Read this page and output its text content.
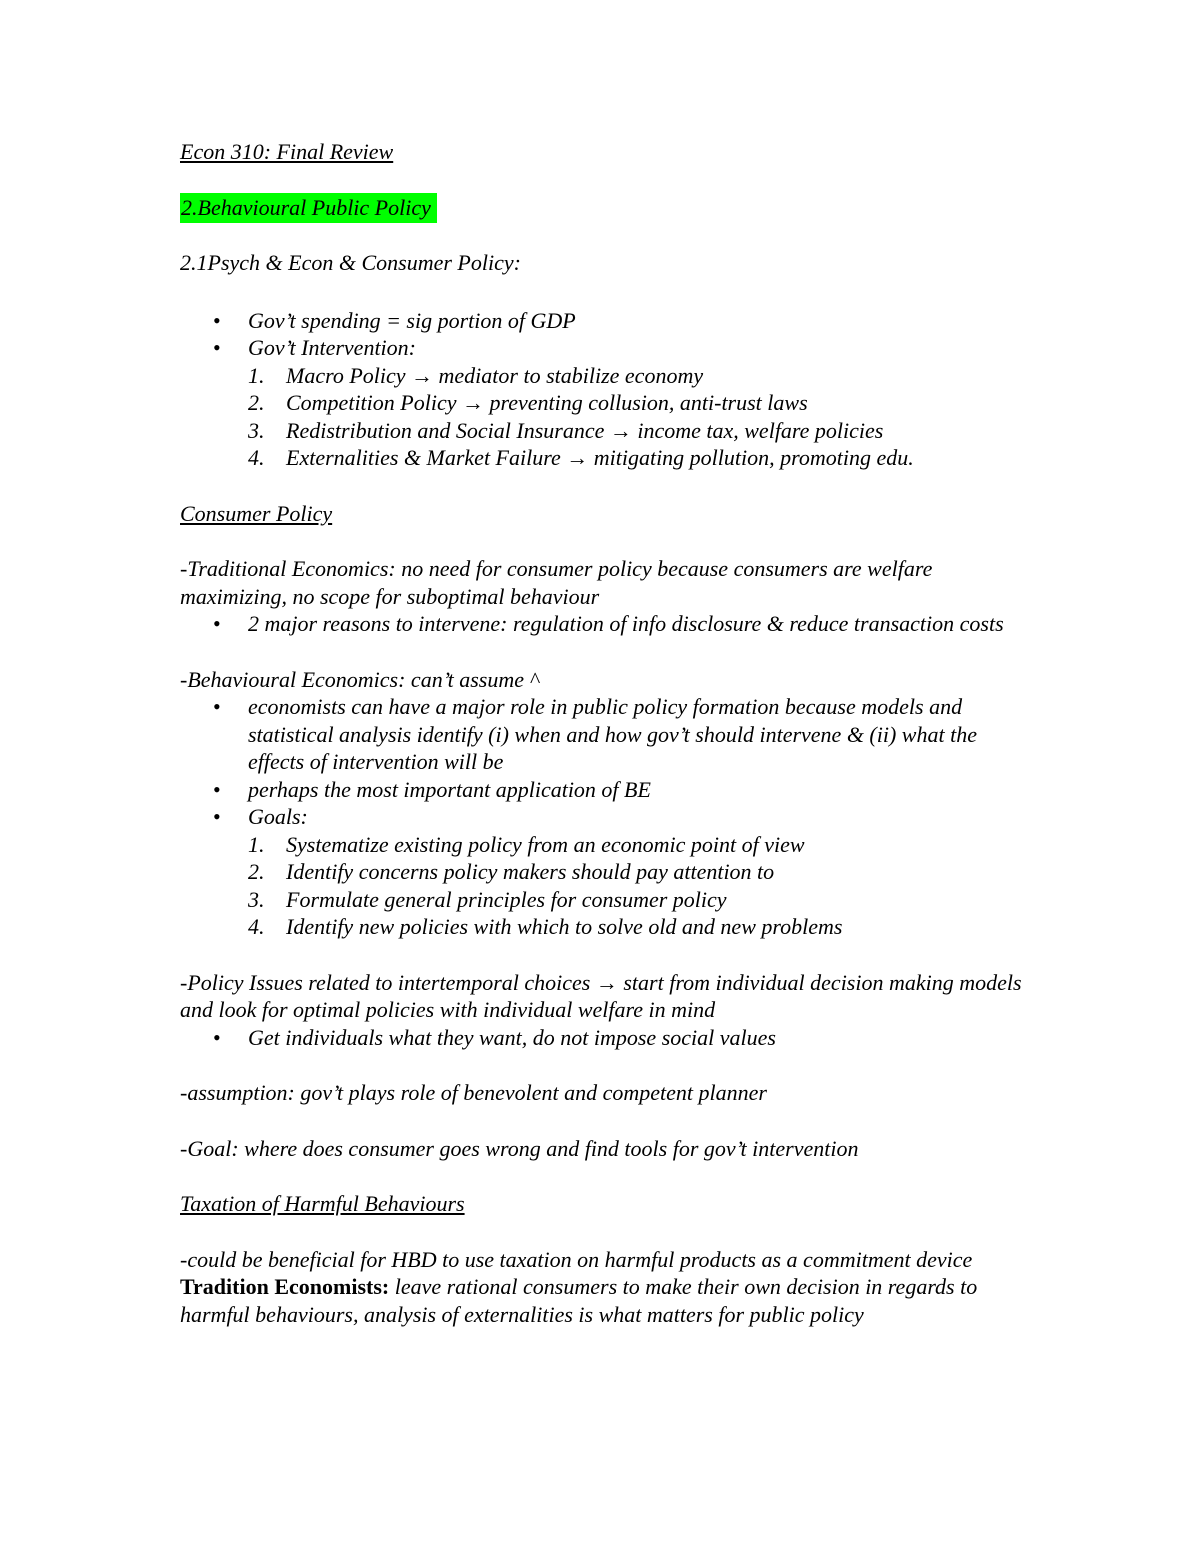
Econ 310: Final Review

2.Behavioural Public Policy

2.1Psych & Econ & Consumer Policy:
•	Gov’t spending = sig portion of GDP
•	Gov’t Intervention:
1. Macro Policy → mediator to stabilize economy
2. Competition Policy → preventing collusion, anti-trust laws
3. Redistribution and Social Insurance → income tax, welfare policies
4. Externalities & Market Failure → mitigating pollution, promoting edu.
Consumer Policy

-Traditional Economics: no need for consumer policy because consumers are welfare maximizing, no scope for suboptimal behaviour

•	2 major reasons to intervene: regulation of info disclosure & reduce transaction costs

-Behavioural Economics: can’t assume ^

•	economists can have a major role in public policy formation because models and statistical analysis identify (i) when and how gov’t should intervene & (ii) what the effects of intervention will be
•	perhaps the most important application of BE
•	Goals:
1. Systematize existing policy from an economic point of view
2. Identify concerns policy makers should pay attention to
3. Formulate general principles for consumer policy
4. Identify new policies with which to solve old and new problems

-Policy Issues related to intertemporal choices → start from individual decision making models and look for optimal policies with individual welfare in mind

•	Get individuals what they want, do not impose social values

-assumption: gov’t plays role of benevolent and competent planner

-Goal: where does consumer goes wrong and find tools for gov’t intervention

Taxation of Harmful Behaviours

-could be beneficial for HBD to use taxation on harmful products as a commitment device

Tradition Economists: leave rational consumers to make their own decision in regards to harmful behaviours, analysis of externalities is what matters for public policy
